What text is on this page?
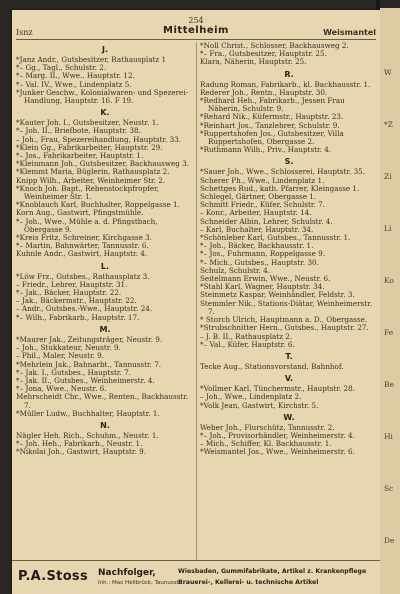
254
Isnz	Mittelheim	Weismantel
J.
*Janz Andr., Gutsbesitzer, Rathausplatz 1
*– Gg., Tagl., Schulstr. 2.
*– Marg. II., Wwe., Hauptstr. 12.
*– Val. IV., Wwe., Lindenplatz 5.
*Junker Geschw., Kolonialwaren- und Spezerei-Handlung, Hauptstr. 16. F 19.
K.
*Kauter Joh. I., Gutsbesitzer, Neustr. 1.
*– Joh. II., Briefbote, Hauptstr. 38.
– Joh., Frau, Spezereihandlung, Hauptstr. 33.
*Klein Gg., Fabrikarbeiter, Hauptstr. 29.
*– Jos., Fabrikarbeiter, Hauptstr. 1.
*Kleinmann Joh., Gutsbesitzer, Backhausweg 3.
*Klemmt Maria, Büglerin, Rathausplatz 2.
Knipp Wilh., Arbeiter, Weinheimer Str. 2.
*Knoch Joh. Bapt., Rebenstockpfropfer, Weinheimer Str. 1.
*Knoblauch Karl, Buchhalter, Roppelgasse 1.
Korn Aug., Gastwirt, Pfingstmühle.
*– Joh., Wwe., Mühle a. d. Pfingstbach, Obergasse 9.
*Kreis Fritz, Schreiner, Kirchgasse 3.
*– Martin, Bahnwärter, Tannusstr. 6.
Kuhnle Andr., Gastwirt, Hauptstr. 4.
L.
*Löw Frz., Gutsbes., Rathausplatz 3.
– Friedr., Lehrer, Hauptstr. 31.
*– Jak., Bäcker, Hauptstr. 22.
– Jak., Bäckermstr., Hauptstr. 22.
– Andr., Gutsbes.-Wwe., Hauptstr. 24.
*– Wilh., Fabrikarb., Hauptstr. 17.
M.
*Maurer Jak., Zeitungsträger, Neustr. 9.
– Joh., Stukkateur, Neustr. 9.
– Phil., Maler, Neustr. 9.
*Mehrlein Jak., Bahnarbt., Tannusstr. 7.
*– Jak. I., Gutsbes., Hauptstr. 7.
*– Jak. II., Gutsbes., Weinheimerstr. 4.
*– Jona, Wwe., Neustr. 6.
Mehrscheidt Chr., Wwe., Renten., Backhausstr. 7.
*Müller Ludw., Buchhalter, Hauptstr. 1.
N.
Nägler Heh. Rich., Schuhm., Neustr. 1.
*– Joh. Heh., Fabrikarb., Neustr. 1.
*Nikolai Joh., Gastwirt, Hauptstr. 9.
*Noll Christ., Schlosser, Backhausweg 2.
*– Fra., Gutsbesitzer, Hauptstr. 25.
Klara, Näherin, Hauptstr. 25.
R.
Radung Roman, Fabrikarb., kl. Backhausstr. 1.
Rederer Joh., Rentn., Hauptstr. 30.
*Redhard Heh., Fabrikarb., Jessen Frau Näherin, Schulstr. 9.
*Rehard Nik., Küfermstr., Hauptstr. 23.
*Reinhart Jos., Tanzlehrer, Schulstr. 9.
*Ruppertshofen Jos., Gutsbesitzer, Villa Ruppertshofen, Obergasse 2.
*Ruthmann Wilh., Priv., Hauptstr. 4.
S.
*Sauer Joh., Wwe., Schlosserei, Hauptstr. 35.
Scherer Ph., Wwe., Lindenplatz 1.
Schettges Rud., kath. Pfarrer, Kleingasse 1.
Schlegel, Gärtner, Obergasse 1.
Schmitt Friedr., Küfer, Schulstr. 7.
– Konr., Arbeiter, Hauptstr. 14.
Schneider Albin, Lehrer, Schulstr. 4.
– Karl, Buchalter, Hauptstr. 34.
*Schönleber Karl, Gutsbes., Tannusstr. 1.
*– Joh., Bäcker, Backhausstr. 1.
*– Jos., Fuhrmann, Roppelgasse 9.
*– Mich., Gutsbes., Hauptstr. 30.
Schulz, Schulstr. 4.
Seitelmann Erwin, Wwe., Neustr. 6.
*Stahl Karl, Wagner, Hauptstr. 34.
Steinmetz Kaspar, Weinhändler, Feldstr. 3.
Stemmler Nik., Stations-Diätar, Weinheimerstr. 7.
* Storch Ulrich, Hauptmann a. D., Obergasse.
*Strubschnitter Hern., Gutsbes., Hauptstr. 27.
– J. B. II., Rathausplatz 2.
*– Val., Küfer, Hauptstr. 6.
T.
Tecke Aug., Stationsvorstand, Bahnhof.
V.
*Vollmer Karl, Tünchermstr., Hauptstr. 28.
– Joh., Wwe., Lindenplatz 2.
*Volk Jean, Gastwirt, Kirchstr. 5.
W.
Weber Joh., Flurschütz, Tannusstr. 2.
*– Joh., Provisorhändler, Weinheimerstr. 4.
– Mich., Schiffer, Kl. Backhausstr. 1.
*Weismantel Jos., Wwe., Weinheimerstr. 6.
P.A.Stoss Nachfolger,
Inh.: Max Hellbrück, Taunusstr.
Wiesbaden, Gummifabrikate, Artikel z. Krankenpflege
Brauerei-, Kellerei- u. technische Artikel
W
*Z
Zi
Li
Ko
Fe
Be
Hi
Sc
De
